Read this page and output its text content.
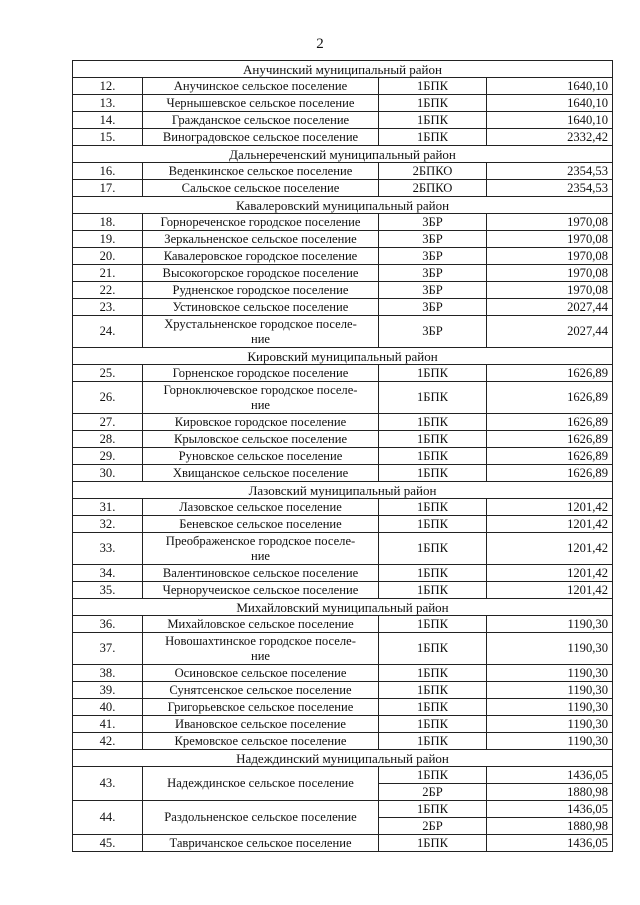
2
Анучинский муниципальный район			
12.	Анучинское сельское поселение	1БПК	1640,10
13.	Чернышевское сельское поселение	1БПК	1640,10
14.	Гражданское сельское поселение	1БПК	1640,10
15.	Виноградовское сельское поселение	1БПК	2332,42
Дальнереченский муниципальный район			
16.	Веденкинское сельское поселение	2БПКО	2354,53
17.	Сальское сельское поселение	2БПКО	2354,53
Кавалеровский муниципальный район			
18.	Горнореченское городское поселение	3БР	1970,08
19.	Зеркальненское сельское поселение	3БР	1970,08
20.	Кавалеровское городское поселение	3БР	1970,08
21.	Высокогорское городское поселение	3БР	1970,08
22.	Рудненское городское поселение	3БР	1970,08
23.	Устиновское сельское поселение	3БР	2027,44
24.	Хрустальненское городское поселе-
ние	3БР	2027,44
Кировский муниципальный район			
25.	Горненское городское поселение	1БПК	1626,89
26.	Горноключевское городское поселе-
ние	1БПК	1626,89
27.	Кировское городское поселение	1БПК	1626,89
28.	Крыловское сельское поселение	1БПК	1626,89
29.	Руновское сельское поселение	1БПК	1626,89
30.	Хвищанское сельское поселение	1БПК	1626,89
Лазовский муниципальный район			
31.	Лазовское сельское поселение	1БПК	1201,42
32.	Беневское сельское поселение	1БПК	1201,42
33.	Преображенское городское поселе-
ние	1БПК	1201,42
34.	Валентиновское сельское поселение	1БПК	1201,42
35.	Черноручеиское сельское поселение	1БПК	1201,42
Михайловский муниципальный район			
36.	Михайловское сельское поселение	1БПК	1190,30
37.	Новошахтинское городское поселе-
ние	1БПК	1190,30
38.	Осиновское сельское поселение	1БПК	1190,30
39.	Сунятсенское сельское поселение	1БПК	1190,30
40.	Григорьевское сельское поселение	1БПК	1190,30
41.	Ивановское сельское поселение	1БПК	1190,30
42.	Кремовское сельское поселение	1БПК	1190,30
Надеждинский муниципальный район			
43.	Надеждинское сельское поселение	1БПК	1436,05
		2БР	1880,98
44.	Раздольненское сельское поселение	1БПК	1436,05
		2БР	1880,98
45.	Тавричанское сельское поселение	1БПК	1436,05
